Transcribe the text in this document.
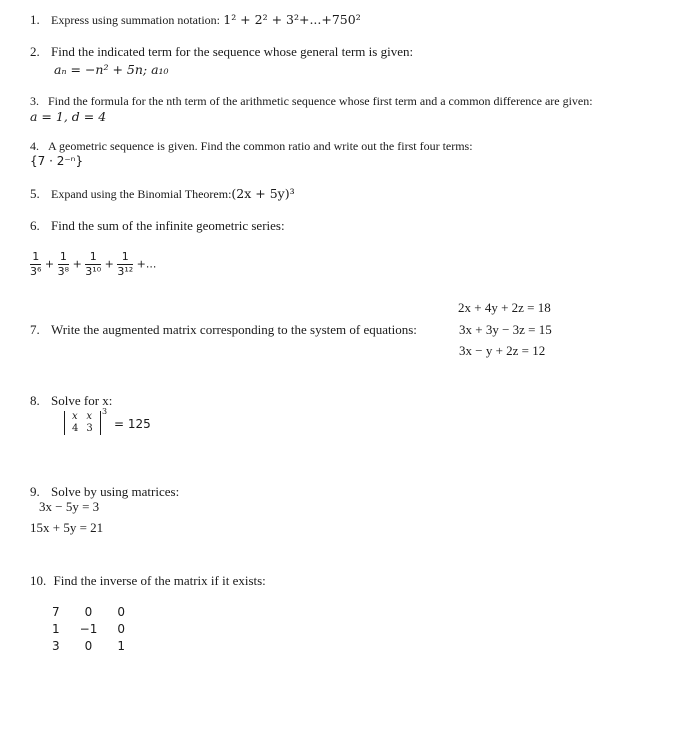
1. Express using summation notation: 1² + 2² + 3²+...+750²
2. Find the indicated term for the sequence whose general term is given:
aₙ = −n² + 5n; a₁₀
3. Find the formula for the nth term of the arithmetic sequence whose first term and a common difference are given:
a = 1, d = 4
4. A geometric sequence is given. Find the common ratio and write out the first four terms:
{7 · 2⁻ⁿ}
5. Expand using the Binomial Theorem:(2x + 5y)³
6. Find the sum of the infinite geometric series:
$\frac{1}{\text{3⁶}} + \frac{1}{\text{3⁸}} + \frac{1}{\text{3¹⁰}} + \frac{1}{\text{3¹²}}$ +...
2x + 4y + 2z = 18
7. Write the augmented matrix corresponding to the system of equations:	3x + 3y − 3z = 15
3x − y + 2z = 12
8. Solve for x:
x	x
4	3
3
= 125
9. Solve by using matrices:
3x − 5y = 3
15x + 5y = 21
10. Find the inverse of the matrix if it exists:
7	0	0
1	−1	0
3	0	1
